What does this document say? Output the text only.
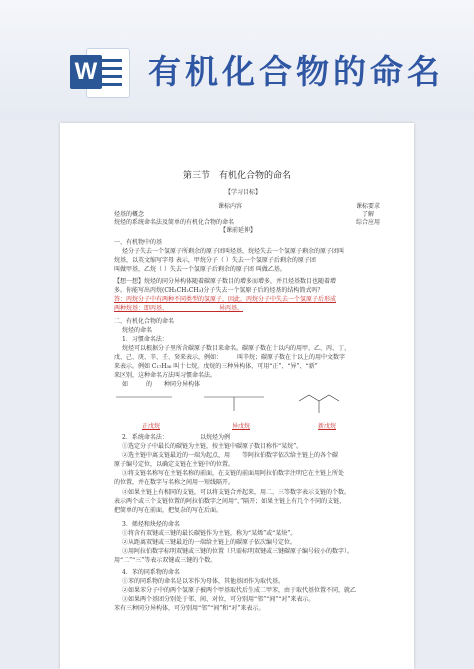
W 有机化合物的命名
第三节　有机化合物的命名
【学习目标】
课标内容	课标要求
烃基的概念	了解
烷烃的系统命名法及简单的有机化合物的命名	综合应用
【课前延伸】
一、有机物中的基
烃分子失去一个氢原子所剩余的原子团叫烃基，烷烃失去一个氢原子剩余的原子团叫
烷基，以英文缩写字母 表示，甲烷分子（ ）失去一个氢原子后剩余的原子团
叫做甲基，乙烷（ ）失去一个氢原子后剩余的原子团 叫做乙基。
【想一想】烷烃的同分异构体随着碳原子数目的增多而增多，并且烃基数目也随着增
多。你能写出丙烷(CH₃CH₂CH₃)分子失去一个氢原子后的烃基的结构简式吗？
答：丙烷分子中有两种不同类型的氢原子，因此，丙烷分子中失去一个氢原子后形成
两种烷基：即丙基、　　　　　　　　　异丙基。
二、有机化合物的命名
烷烃的命名
1．习惯命名法：
烷烃可以根据分子里所含碳原子数目来命名。碳原子数在十以内的用甲、乙、丙、丁、
戊、己、庚、辛、壬、癸来表示，例如：　　　叫辛烷；碳原子数在十以上的用中文数字
来表示。例如 C₁₇H₃₆ 叫十七烷。戊烷的三种异构体，可用“正”、“异”、“新”
来区别，这种命名方法叫习惯命名法。
如　　　的　　种同分异构体
正戊烷	异戊烷	新戊烷
2．系统命名法：	以烷烃为例
①选定分子中最长的碳链为主链，按主链中碳原子数目称作“某烷”。
②选主链中离支链最近的一端为起点，用　　等阿拉伯数字依次给主链上的各个碳
原子编号定位，以确定支链在主链中的位置。
③将支链名称写在主链名称的前面，在支链的前面用阿拉伯数字注明它在主链上所处
的位置，并在数字与名称之间用一短线隔开。
④如果主链上有相同的支链，可以将支链合并起来，用二、三等数字表示支链的个数。
表示两个或三个支链位置的阿拉伯数字之间用“，”隔开；如果主链上有几个不同的支链，
把简单的写在前面，把复杂的写在后面。
3．烯烃和炔烃的命名
①将含有双键或三键的最长碳链作为主链，称为“某烯”或“某炔”。
②从距离双键或三键最近的一端给主链上的碳原子依次编号定位。
③用阿拉伯数字标明双键或三键的位置（只需标明双键或三键碳原子编号较小的数字）。
用“二”“三”等表示双键或三键的个数。
4．苯的同系物的命名
①苯的同系物的命名是以苯作为母体，其他基团作为取代基。
②如果苯分子中的两个氢原子被两个甲基取代后生成二甲苯，由于取代基位置不同，就乙
③如果两个基团分别处于邻、间、对位，可分别用“邻”“间”“对”来表示。
苯有三种同分异构体，可分别用“邻”“间”和“对”来表示。
